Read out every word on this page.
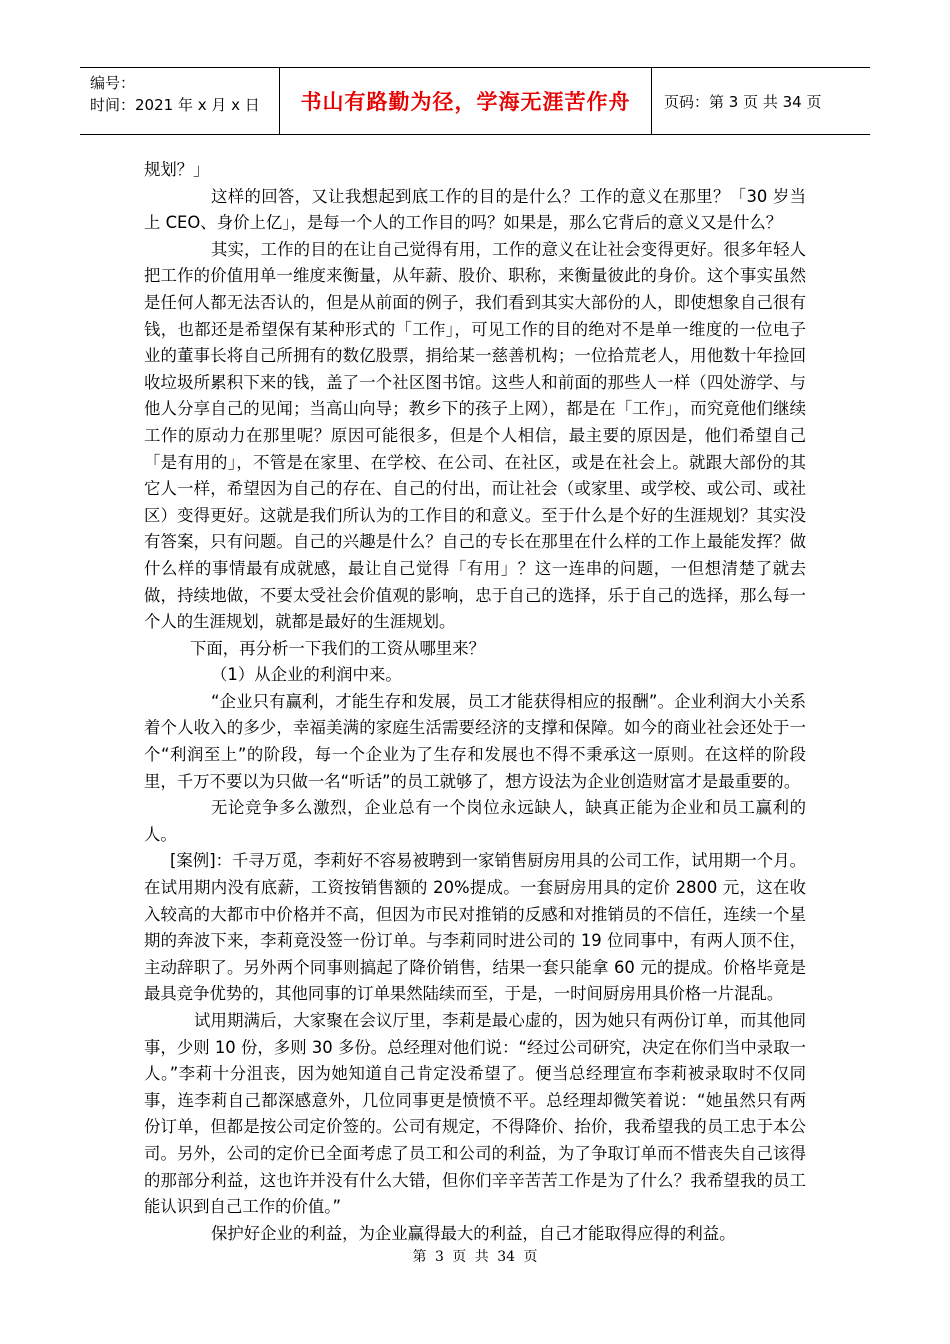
编号：
时间：2021 年 x 月 x 日	书山有路勤为径，学海无涯苦作舟	页码：第 3 页 共 34 页

规划？」

这样的回答，又让我想起到底工作的目的是什么？工作的意义在那里？「30 岁当上 CEO、身价上亿」，是每一个人的工作目的吗？如果是，那么它背后的意义又是什么？

其实，工作的目的在让自己觉得有用，工作的意义在让社会变得更好。很多年轻人把工作的价值用单一维度来衡量，从年薪、股价、职称，来衡量彼此的身价。这个事实虽然是任何人都无法否认的，但是从前面的例子，我们看到其实大部份的人，即使想象自己很有钱，也都还是希望保有某种形式的「工作」，可见工作的目的绝对不是单一维度的一位电子业的董事长将自己所拥有的数亿股票，捐给某一慈善机构；一位拾荒老人，用他数十年捡回收垃圾所累积下来的钱，盖了一个社区图书馆。这些人和前面的那些人一样（四处游学、与他人分享自己的见闻；当高山向导；教乡下的孩子上网），都是在「工作」，而究竟他们继续工作的原动力在那里呢？原因可能很多，但是个人相信，最主要的原因是，他们希望自己「是有用的」，不管是在家里、在学校、在公司、在社区，或是在社会上。就跟大部份的其它人一样，希望因为自己的存在、自己的付出，而让社会（或家里、或学校、或公司、或社区）变得更好。这就是我们所认为的工作目的和意义。至于什么是个好的生涯规划？其实没有答案，只有问题。自己的兴趣是什么？自己的专长在那里在什么样的工作上最能发挥？做什么样的事情最有成就感，最让自己觉得「有用」？这一连串的问题，一但想清楚了就去做，持续地做，不要太受社会价值观的影响，忠于自己的选择，乐于自己的选择，那么每一个人的生涯规划，就都是最好的生涯规划。

下面，再分析一下我们的工资从哪里来？

（1）从企业的利润中来。

“企业只有赢利，才能生存和发展，员工才能获得相应的报酬”。企业利润大小关系着个人收入的多少，幸福美满的家庭生活需要经济的支撑和保障。如今的商业社会还处于一个“利润至上”的阶段，每一个企业为了生存和发展也不得不秉承这一原则。在这样的阶段里，千万不要以为只做一名“听话”的员工就够了，想方设法为企业创造财富才是最重要的。

无论竞争多么激烈，企业总有一个岗位永远缺人，缺真正能为企业和员工赢利的人。

[案例]：千寻万觅，李莉好不容易被聘到一家销售厨房用具的公司工作，试用期一个月。在试用期内没有底薪，工资按销售额的 20%提成。一套厨房用具的定价 2800 元，这在收入较高的大都市中价格并不高，但因为市民对推销的反感和对推销员的不信任，连续一个星期的奔波下来，李莉竟没签一份订单。与李莉同时进公司的 19 位同事中，有两人顶不住，主动辞职了。另外两个同事则搞起了降价销售，结果一套只能拿 60 元的提成。价格毕竟是最具竞争优势的，其他同事的订单果然陆续而至，于是，一时间厨房用具价格一片混乱。

试用期满后，大家聚在会议厅里，李莉是最心虚的，因为她只有两份订单，而其他同事，少则 10 份，多则 30 多份。总经理对他们说：“经过公司研究，决定在你们当中录取一人。”李莉十分沮丧，因为她知道自己肯定没希望了。便当总经理宣布李莉被录取时不仅同事，连李莉自己都深感意外，几位同事更是愤愤不平。总经理却微笑着说：“她虽然只有两份订单，但都是按公司定价签的。公司有规定，不得降价、抬价，我希望我的员工忠于本公司。另外，公司的定价已全面考虑了员工和公司的利益，为了争取订单而不惜丧失自己该得的那部分利益，这也许并没有什么大错，但你们辛辛苦苦工作是为了什么？我希望我的员工能认识到自己工作的价值。”

保护好企业的利益，为企业赢得最大的利益，自己才能取得应得的利益。

第 3 页 共 34 页
